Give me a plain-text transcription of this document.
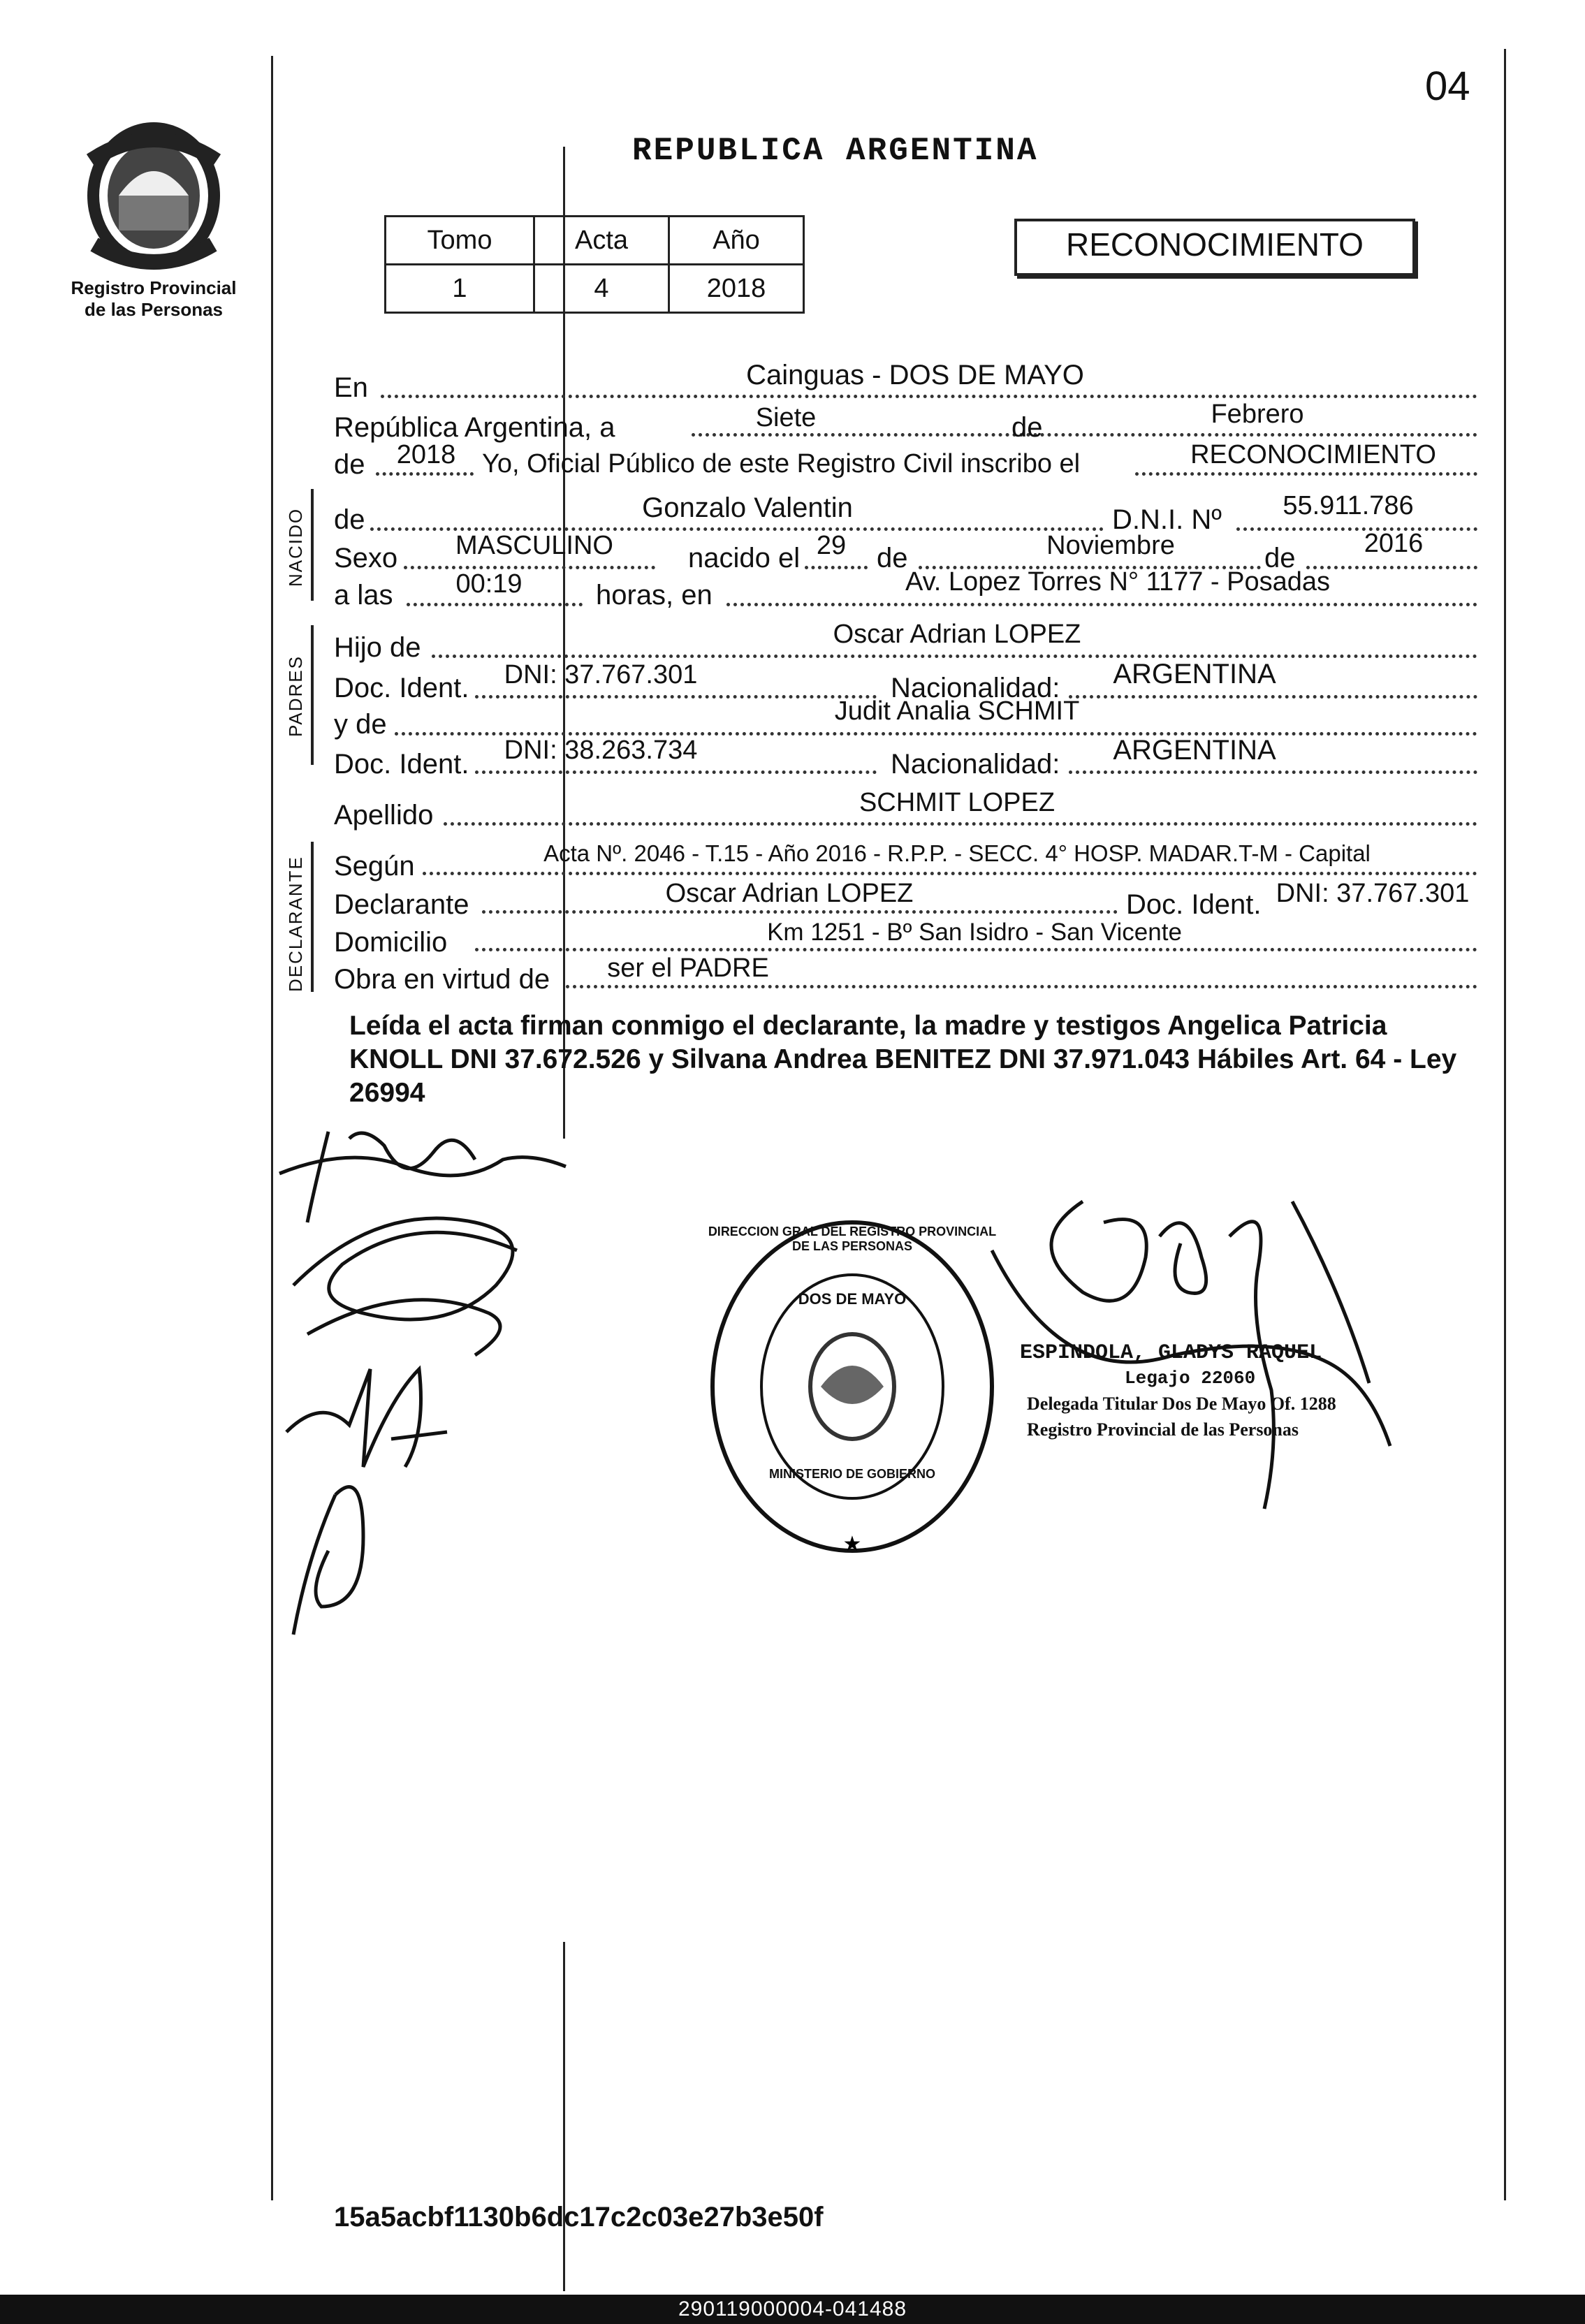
04
Registro Provincial
de las Personas
REPUBLICA ARGENTINA
Tomo	Acta	Año
1	4	2018
RECONOCIMIENTO
En	Cainguas - DOS DE MAYO
República Argentina, a	Siete	de	Febrero
de	2018 Yo, Oficial Público de este Registro Civil inscribo el	RECONOCIMIENTO
NACIDO de	Gonzalo Valentin	D.N.I. Nº	55.911.786
Sexo	MASCULINO	nacido el 29	de	Noviembre	de	2016
a las	00:19	horas, en	Av. Lopez Torres N° 1177 - Posadas
PADRES
Hijo de	Oscar Adrian LOPEZ
Doc. Ident.	DNI: 37.767.301	Nacionalidad:	ARGENTINA
y de	Judit Analia SCHMIT
Doc. Ident.	DNI: 38.263.734	Nacionalidad:	ARGENTINA
Apellido	SCHMIT LOPEZ
DECLARANTE Según	Acta Nº. 2046 - T.15 - Año 2016 - R.P.P. - SECC. 4° HOSP. MADAR.T-M - Capital
Declarante	Oscar Adrian LOPEZ	Doc. Ident. DNI: 37.767.301
Domicilio	Km 1251 - Bº San Isidro - San Vicente
Obra en virtud de	ser el PADRE
Leída el acta firman conmigo el declarante, la madre y testigos Angelica Patricia KNOLL DNI 37.672.526 y Silvana Andrea BENITEZ DNI 37.971.043 Hábiles Art. 64 - Ley 26994
★
DIRECCION GRAL DEL REGISTRO PROVINCIAL DE LAS PERSONAS
DOS DE MAYO
MINISTERIO DE GOBIERNO
ESPINDOLA, GLADYS RAQUEL
Legajo 22060
Delegada Titular Dos De Mayo Of. 1288
Registro Provincial de las Personas
15a5acbf1130b6dc17c2c03e27b3e50f
290119000004-041488
